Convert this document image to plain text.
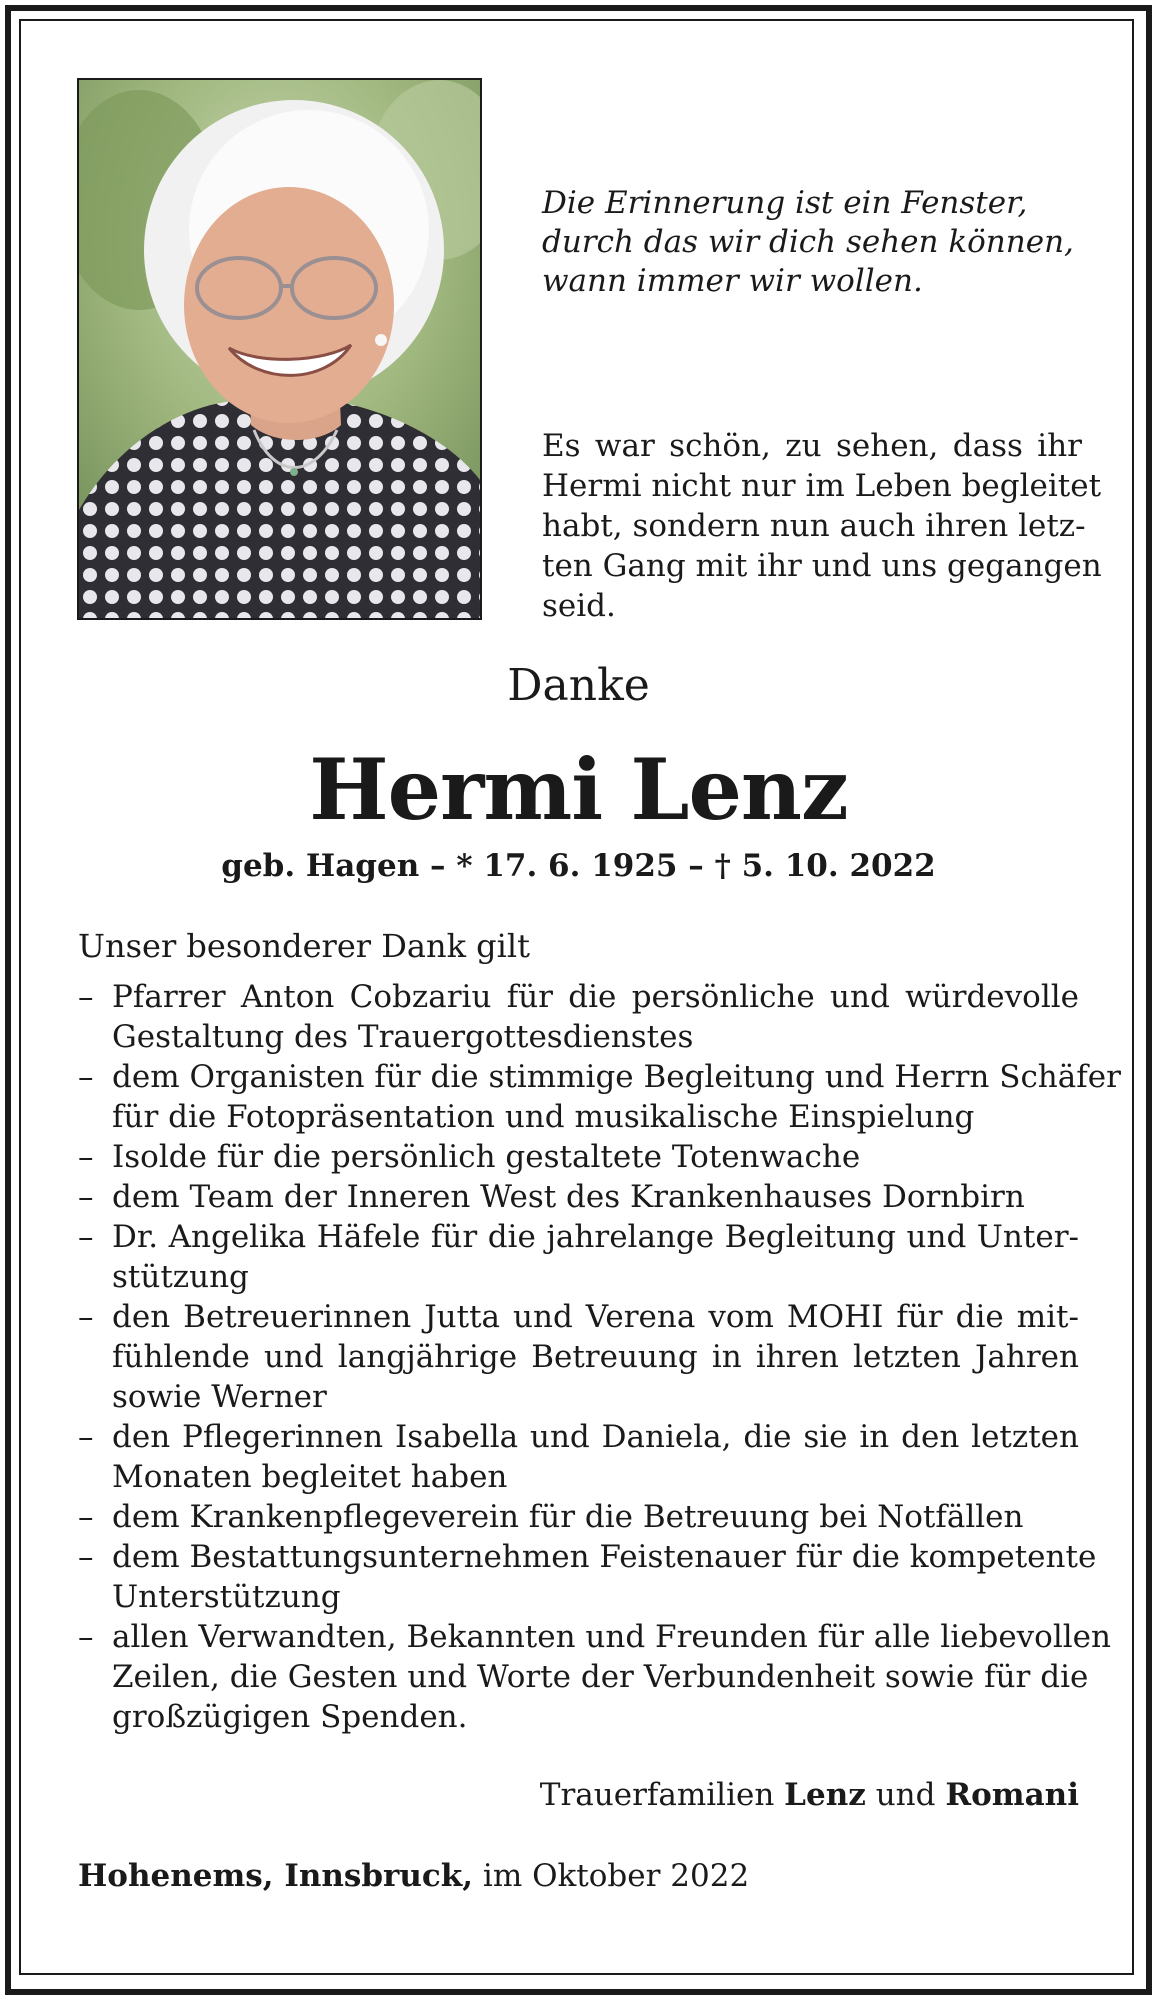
Die Erinnerung ist ein Fenster,
durch das wir dich sehen können,
wann immer wir wollen.

Es war schön, zu sehen, dass ihr
Hermi nicht nur im Leben begleitet
habt, sondern nun auch ihren letz-
ten Gang mit ihr und uns gegangen
seid.

Danke

Hermi Lenz

geb. Hagen – * 17. 6. 1925 – † 5. 10. 2022

Unser besonderer Dank gilt

– Pfarrer Anton Cobzariu für die persönliche und würdevolle
Gestaltung des Trauergottesdienstes
– dem Organisten für die stimmige Begleitung und Herrn Schäfer
für die Fotopräsentation und musikalische Einspielung
– Isolde für die persönlich gestaltete Totenwache
– dem Team der Inneren West des Krankenhauses Dornbirn
– Dr. Angelika Häfele für die jahrelange Begleitung und Unter-
stützung
– den Betreuerinnen Jutta und Verena vom MOHI für die mit-
fühlende und langjährige Betreuung in ihren letzten Jahren
sowie Werner
– den Pflegerinnen Isabella und Daniela, die sie in den letzten
Monaten begleitet haben
– dem Krankenpflegeverein für die Betreuung bei Notfällen
– dem Bestattungsunternehmen Feistenauer für die kompetente
Unterstützung
– allen Verwandten, Bekannten und Freunden für alle liebevollen
Zeilen, die Gesten und Worte der Verbundenheit sowie für die
großzügigen Spenden.

Trauerfamilien Lenz und Romani

Hohenems, Innsbruck, im Oktober 2022
